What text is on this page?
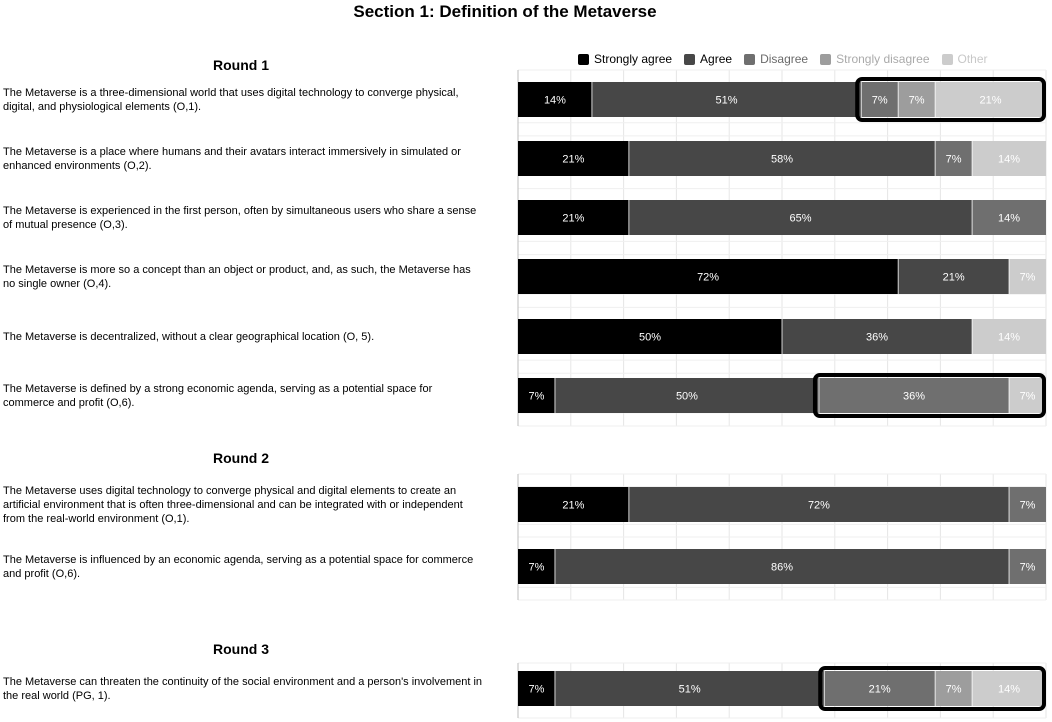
Section 1: Definition of the Metaverse
Strongly agree Agree Disagree Strongly disagree Other
Round 1
Round 2
Round 3
The Metaverse is a three-dimensional world that uses digital technology to converge physical, digital, and physiological elements (O,1).
The Metaverse is a place where humans and their avatars interact immersively in simulated or enhanced environments (O,2).
The Metaverse is experienced in the first person, often by simultaneous users who share a sense of mutual presence (O,3).
The Metaverse is more so a concept than an object or product, and, as such, the Metaverse has no single owner (O,4).
The Metaverse is decentralized, without a clear geographical location (O, 5).
The Metaverse is defined by a strong economic agenda, serving as a potential space for commerce and profit (O,6).
The Metaverse uses digital technology to converge physical and digital elements to create an artificial environment that is often three-dimensional and can be integrated with or independent from the real-world environment (O,1).
The Metaverse is influenced by an economic agenda, serving as a potential space for commerce and profit (O,6).
The Metaverse can threaten the continuity of the social environment and a person's involvement in the real world (PG, 1).
14%	51%	7% 7%	21%
21%	58%	7%	14%
21%	65%	14%
72%	21%	7%
50%	36%	14%
7%	50%	36%	7%
21%	72%	7%
7%	86%	7%
7%	51%	21%	7%	14%
